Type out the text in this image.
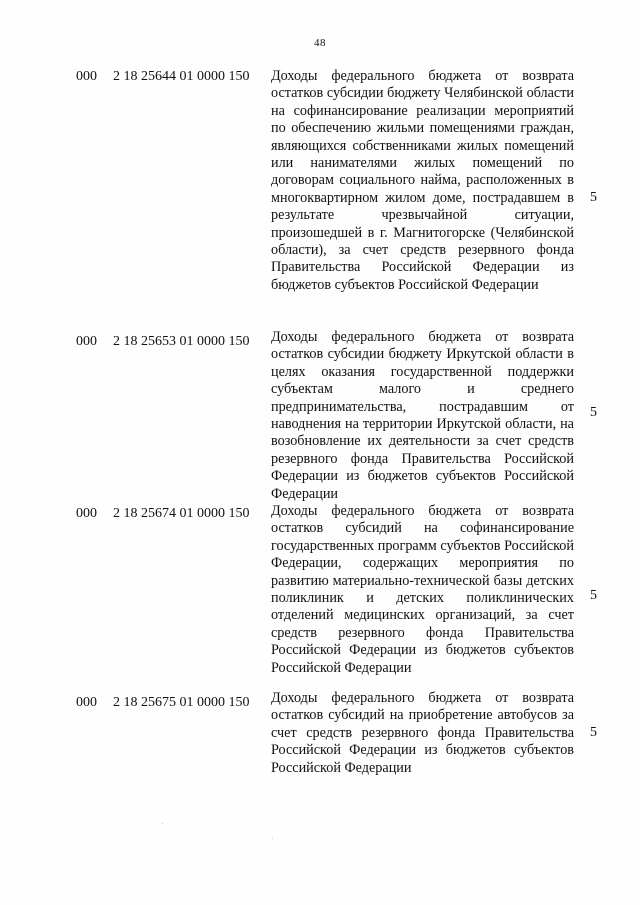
48
000 2 18 25644 01 0000 150 Доходы федерального бюджета от возврата остатков субсидии бюджету Челябинской области на софинансирование реализации мероприятий по обеспечению жильми помещениями граждан, являющихся собственниками жилых помещений или нанимателями жилых помещений по договорам социального найма, расположенных в многоквартирном жилом доме, пострадавшем в результате чрезвычайной ситуации, произошедшей в г. Магнитогорске (Челябинской области), за счет средств резервного фонда Правительства Российской Федерации из бюджетов субъектов Российской Федерации
5
000 2 18 25653 01 0000 150 Доходы федерального бюджета от возврата остатков субсидии бюджету Иркутской области в целях оказания государственной поддержки субъектам малого и среднего предпринимательства, пострадавшим от наводнения на территории Иркутской области, на возобновление их деятельности за счет средств резервного фонда Правительства Российской Федерации из бюджетов субъектов Российской Федерации
5
000 2 18 25674 01 0000 150 Доходы федерального бюджета от возврата остатков субсидий на софинансирование государственных программ субъектов Российской Федерации, содержащих мероприятия по развитию материально-технической базы детских поликлиник и детских поликлинических отделений медицинских организаций, за счет средств резервного фонда Правительства Российской Федерации из бюджетов субъектов Российской Федерации
5
000 2 18 25675 01 0000 150 Доходы федерального бюджета от возврата остатков субсидий на приобретение автобусов за счет средств резервного фонда Правительства Российской Федерации из бюджетов субъектов Российской Федерации
5
